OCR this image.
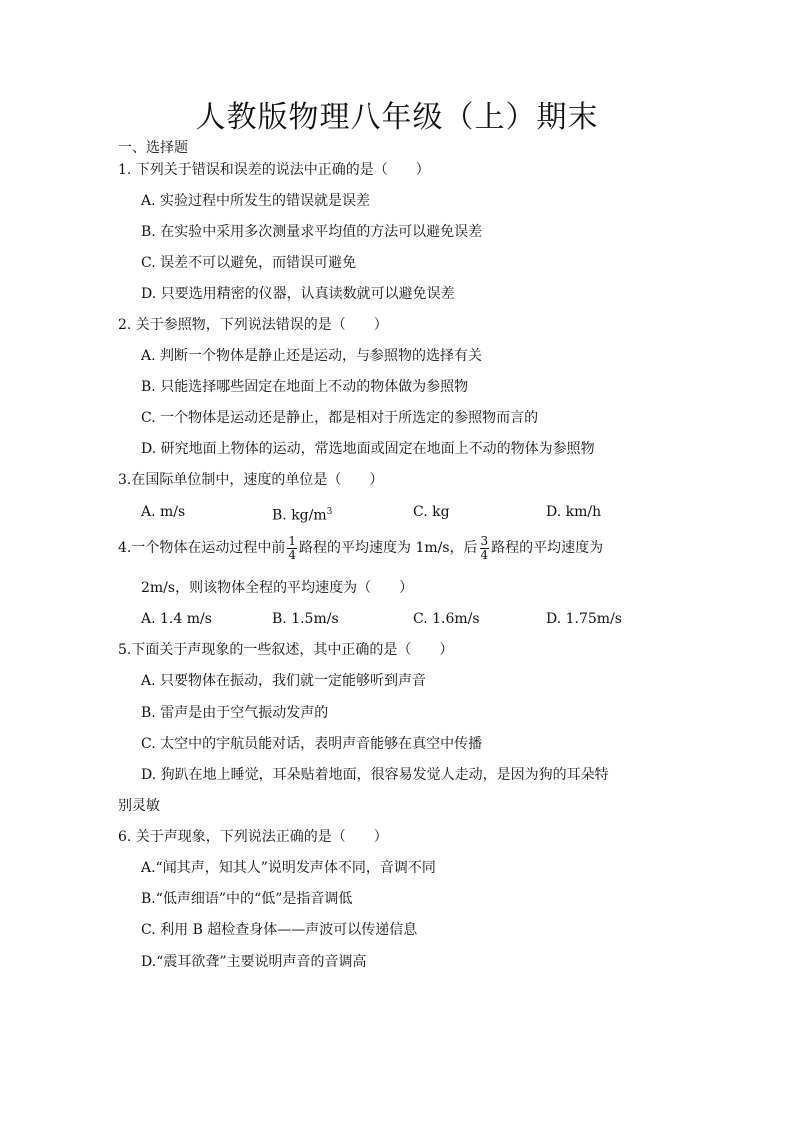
人教版物理八年级（上）期末
一、选择题
1. 下列关于错误和误差的说法中正确的是（　　）
A. 实验过程中所发生的错误就是误差
B. 在实验中采用多次测量求平均值的方法可以避免误差
C. 误差不可以避免，而错误可避免
D. 只要选用精密的仪器，认真读数就可以避免误差
2. 关于参照物，下列说法错误的是（　　）
A. 判断一个物体是静止还是运动，与参照物的选择有关
B. 只能选择哪些固定在地面上不动的物体做为参照物
C. 一个物体是运动还是静止，都是相对于所选定的参照物而言的
D. 研究地面上物体的运动，常选地面或固定在地面上不动的物体为参照物
3.在国际单位制中，速度的单位是（　　）
A. m/s	B. $kg/m^3$	C. kg	D. km/h
4.一个物体在运动过程中前 $\frac{1}{4}$ 路程的平均速度为 1m/s，后 $\frac{3}{4}$ 路程的平均速度为
2m/s，则该物体全程的平均速度为（　　）
A. 1.4 m/s	B. 1.5m/s	C. 1.6m/s	D. 1.75m/s
5.下面关于声现象的一些叙述，其中正确的是（　　）
A. 只要物体在振动，我们就一定能够听到声音
B. 雷声是由于空气振动发声的
C. 太空中的宇航员能对话，表明声音能够在真空中传播
D. 狗趴在地上睡觉，耳朵贴着地面，很容易发觉人走动，是因为狗的耳朵特
别灵敏
6. 关于声现象，下列说法正确的是（　　）
A.“闻其声，知其人”说明发声体不同，音调不同
B.“低声细语”中的“低”是指音调低
C. 利用 B 超检查身体——声波可以传递信息
D.“震耳欲聋”主要说明声音的音调高
